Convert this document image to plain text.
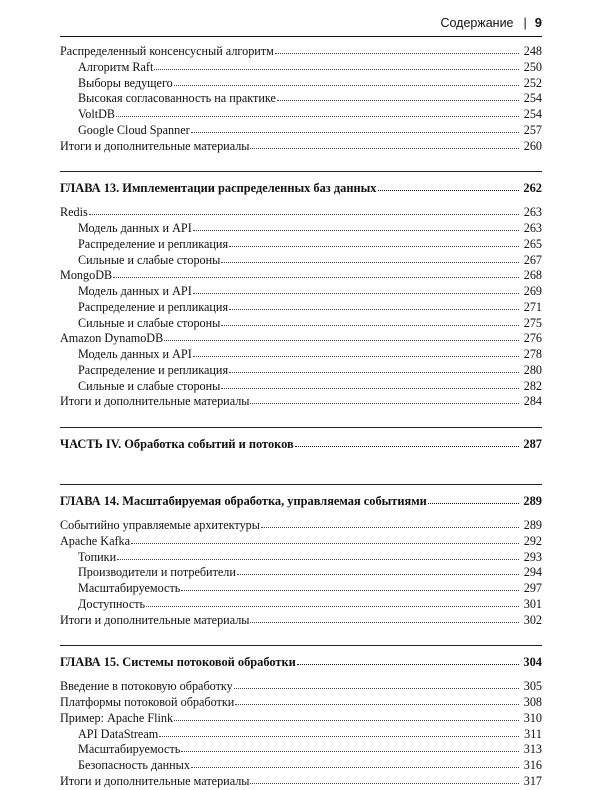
Содержание | 9
Распределенный консенсусный алгоритм	248
Алгоритм Raft	250
Выборы ведущего	252
Высокая согласованность на практике	254
VoltDB	254
Google Cloud Spanner	257
Итоги и дополнительные материалы	260
ГЛАВА 13. Имплементации распределенных баз данных	262
Redis	263
Модель данных и API	263
Распределение и репликация	265
Сильные и слабые стороны	267
MongoDB	268
Модель данных и API	269
Распределение и репликация	271
Сильные и слабые стороны	275
Amazon DynamoDB	276
Модель данных и API	278
Распределение и репликация	280
Сильные и слабые стороны	282
Итоги и дополнительные материалы	284
ЧАСТЬ IV. Обработка событий и потоков	287
ГЛАВА 14. Масштабируемая обработка, управляемая событиями	289
Событийно управляемые архитектуры	289
Apache Kafka	292
Топики	293
Производители и потребители	294
Масштабируемость	297
Доступность	301
Итоги и дополнительные материалы	302
ГЛАВА 15. Системы потоковой обработки	304
Введение в потоковую обработку	305
Платформы потоковой обработки	308
Пример: Apache Flink	310
API DataStream	311
Масштабируемость	313
Безопасность данных	316
Итоги и дополнительные материалы	317
